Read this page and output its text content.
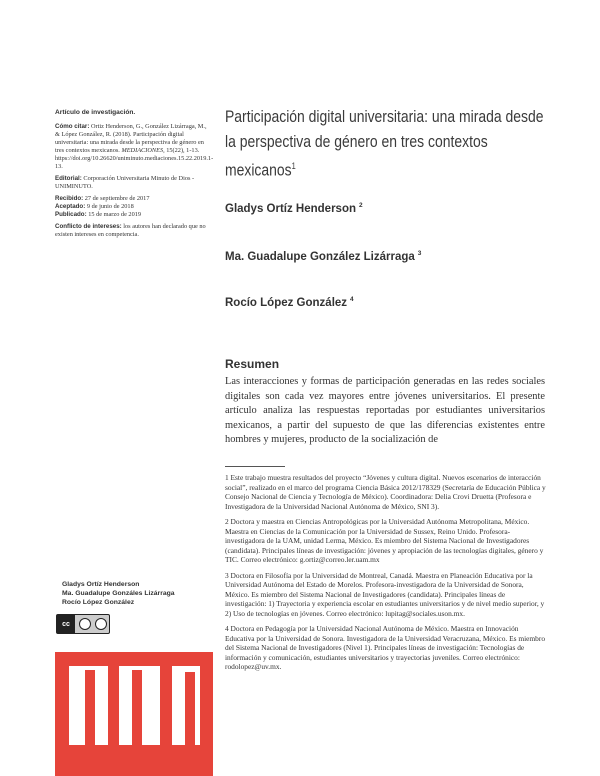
Artículo de investigación.

Cómo citar: Ortiz Henderson, G., González Lizárraga, M., & López González, R. (2018). Participación digital universitaria: una mirada desde la perspectiva de género en tres contextos mexicanos. MEDIACIONES, 15(22), 1-13. https://doi.org/10.26620/uniminuto.mediaciones.15.22.2019.1-13.

Editorial: Corporación Universitaria Minuto de Dios - UNIMINUTO.

Recibido: 27 de septiembre de 2017

Aceptado: 9 de junio de 2018

Publicado: 15 de marzo de 2019

Conflicto de intereses: los autores han declarado que no existen intereses en competencia.

Participación digital universitaria: una mirada desde la perspectiva de género en tres contextos mexicanos$^1$
Gladys Ortíz Henderson $^2$
Ma. Guadalupe González Lizárraga $^3$
Rocío López González $^4$
Resumen
Las interacciones y formas de participación generadas en las redes sociales digitales son cada vez mayores entre jóvenes universitarios. El presente artículo analiza las respuestas reportadas por estudiantes universitarios mexicanos, a partir del supuesto de que las diferencias existentes entre hombres y mujeres, producto de la socialización de

1 Este trabajo muestra resultados del proyecto “Jóvenes y cultura digital. Nuevos escenarios de interacción social”, realizado en el marco del programa Ciencia Básica 2012/178329 (Secretaría de Educación Pública y Consejo Nacional de Ciencia y Tecnología de México). Coordinadora: Delia Crovi Druetta (Profesora e Investigadora de la Universidad Nacional Autónoma de México, SNI 3).

2 Doctora y maestra en Ciencias Antropológicas por la Universidad Autónoma Metropolitana, México. Maestra en Ciencias de la Comunicación por la Universidad de Sussex, Reino Unido. Profesora-investigadora de la UAM, unidad Lerma, México. Es miembro del Sistema Nacional de Investigadores (candidata). Principales líneas de investigación: jóvenes y apropiación de las tecnologías digitales, género y TIC. Correo electrónico: g.ortiz@correo.ler.uam.mx

3 Doctora en Filosofía por la Universidad de Montreal, Canadá. Maestra en Planeación Educativa por la Universidad Autónoma del Estado de Morelos. Profesora-investigadora de la Universidad de Sonora, México. Es miembro del Sistema Nacional de Investigadores (candidata). Principales líneas de investigación: 1) Trayectoria y experiencia escolar en estudiantes universitarios y de nivel medio superior, y 2) Uso de tecnologías en jóvenes. Correo electrónico: lupitag@sociales.uson.mx.

4 Doctora en Pedagogía por la Universidad Nacional Autónoma de México. Maestra en Innovación Educativa por la Universidad de Sonora. Investigadora de la Universidad Veracruzana, México. Es miembro del Sistema Nacional de Investigadores (Nivel 1). Principales líneas de investigación: Tecnologías de información y comunicación, estudiantes universitarios y trayectorias juveniles. Correo electrónico: rodolopez@uv.mx.

Gladys Ortíz Henderson
Ma. Guadalupe Gonzáles Lizárraga
Rocío López González
cc
